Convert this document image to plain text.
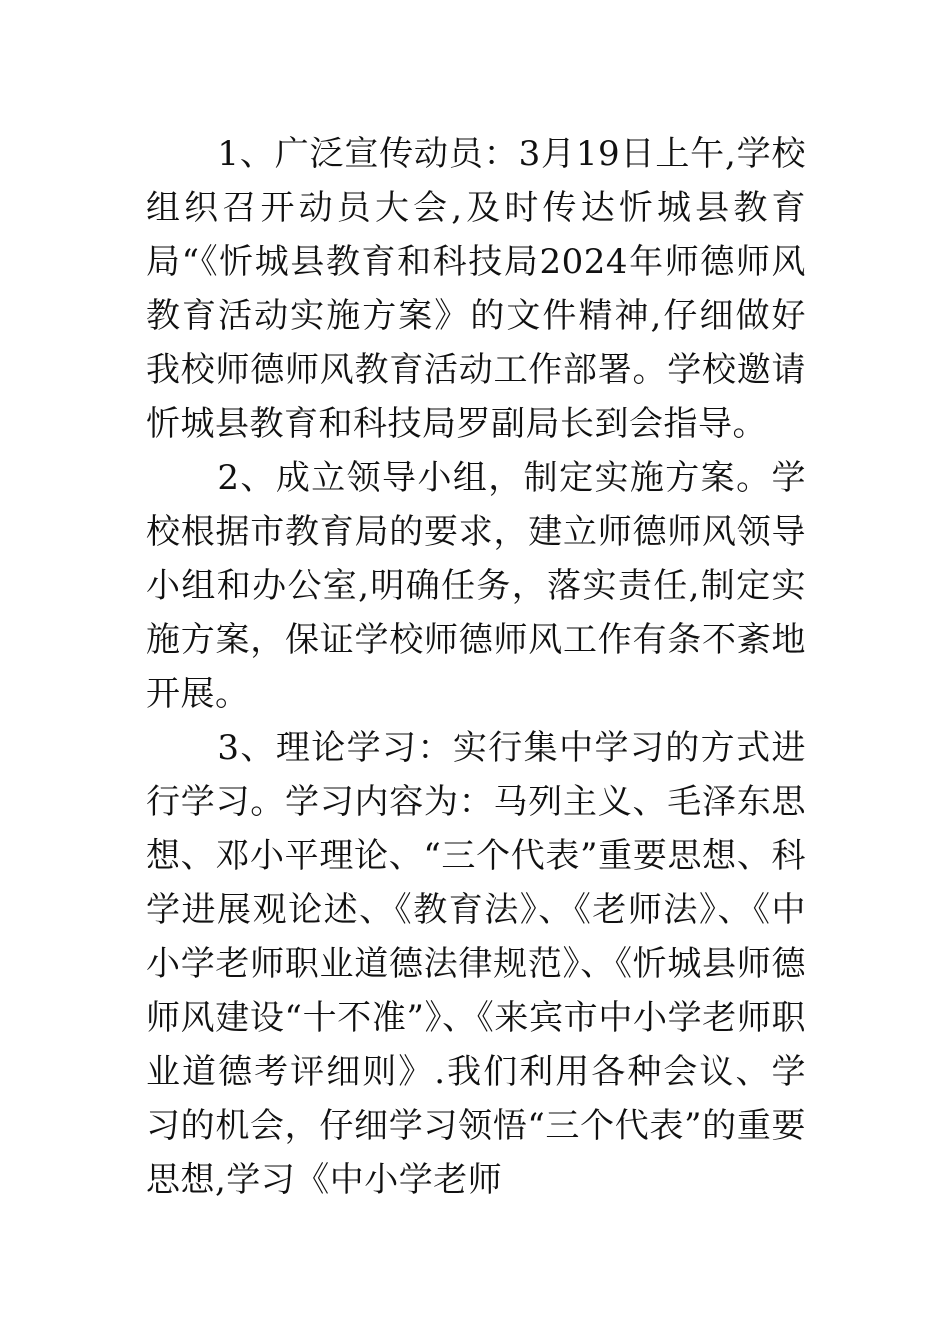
1、广泛宣传动员：3月19日上午,学校组织召开动员大会,及时传达忻城县教育局“《忻城县教育和科技局2024年师德师风教育活动实施方案》的文件精神,仔细做好我校师德师风教育活动工作部署。学校邀请忻城县教育和科技局罗副局长到会指导。

2、成立领导小组，制定实施方案。学校根据市教育局的要求，建立师德师风领导小组和办公室,明确任务，落实责任,制定实施方案，保证学校师德师风工作有条不紊地开展。

3、理论学习：实行集中学习的方式进行学习。学习内容为：马列主义、毛泽东思想、邓小平理论、“三个代表”重要思想、科学进展观论述、《教育法》、《老师法》、《中小学老师职业道德法律规范》、《忻城县师德师风建设“十不准”》、《来宾市中小学老师职业道德考评细则》.我们利用各种会议、学习的机会，仔细学习领悟“三个代表”的重要思想,学习《中小学老师
